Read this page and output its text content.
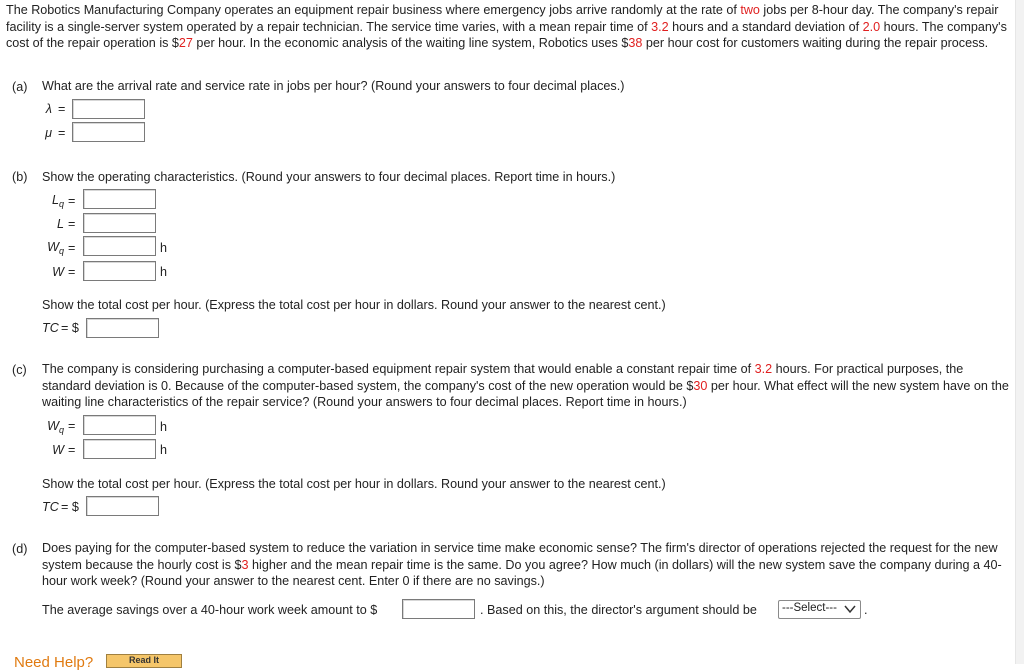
The Robotics Manufacturing Company operates an equipment repair business where emergency jobs arrive randomly at the rate of two jobs per 8-hour day. The company's repair facility is a single-server system operated by a repair technician. The service time varies, with a mean repair time of 3.2 hours and a standard deviation of 2.0 hours. The company's cost of the repair operation is $27 per hour. In the economic analysis of the waiting line system, Robotics uses $38 per hour cost for customers waiting during the repair process.
(a) What are the arrival rate and service rate in jobs per hour? (Round your answers to four decimal places.)
λ =
μ =
(b) Show the operating characteristics. (Round your answers to four decimal places. Report time in hours.)
$L_q$ =
L =
$W_q$ =	h
W =	h
Show the total cost per hour. (Express the total cost per hour in dollars. Round your answer to the nearest cent.)
TC = $
(c) The company is considering purchasing a computer-based equipment repair system that would enable a constant repair time of 3.2 hours. For practical purposes, the standard deviation is 0. Because of the computer-based system, the company's cost of the new operation would be $30 per hour. What effect will the new system have on the waiting line characteristics of the repair service? (Round your answers to four decimal places. Report time in hours.)
$W_q$ =	h
W =	h
Show the total cost per hour. (Express the total cost per hour in dollars. Round your answer to the nearest cent.)
TC = $
(d) Does paying for the computer-based system to reduce the variation in service time make economic sense? The firm's director of operations rejected the request for the new system because the hourly cost is $3 higher and the mean repair time is the same. Do you agree? How much (in dollars) will the new system save the company during a 40-hour work week? (Round your answer to the nearest cent. Enter 0 if there are no savings.)
The average savings over a 40-hour work week amount to $	. Based on this, the director's argument should be	---Select---	.
Need Help?	Read It
